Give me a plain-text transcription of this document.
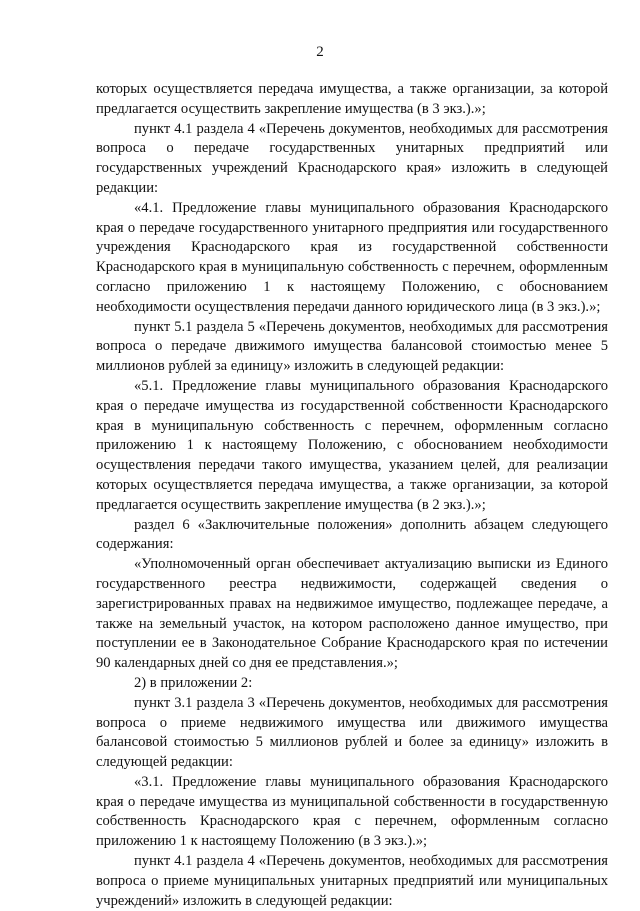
2

которых осуществляется передача имущества, а также организации, за которой предлагается осуществить закрепление имущества (в 3 экз.).»;

пункт 4.1 раздела 4 «Перечень документов, необходимых для рассмотрения вопроса о передаче государственных унитарных предприятий или государственных учреждений Краснодарского края» изложить в следующей редакции:

«4.1. Предложение главы муниципального образования Краснодарского края о передаче государственного унитарного предприятия или государственного учреждения Краснодарского края из государственной собственности Краснодарского края в муниципальную собственность с перечнем, оформленным согласно приложению 1 к настоящему Положению, с обоснованием необходимости осуществления передачи данного юридического лица (в 3 экз.).»;

пункт 5.1 раздела 5 «Перечень документов, необходимых для рассмотрения вопроса о передаче движимого имущества балансовой стоимостью менее 5 миллионов рублей за единицу» изложить в следующей редакции:

«5.1. Предложение главы муниципального образования Краснодарского края о передаче имущества из государственной собственности Краснодарского края в муниципальную собственность с перечнем, оформленным согласно приложению 1 к настоящему Положению, с обоснованием необходимости осуществления передачи такого имущества, указанием целей, для реализации которых осуществляется передача имущества, а также организации, за которой предлагается осуществить закрепление имущества (в 2 экз.).»;

раздел 6 «Заключительные положения» дополнить абзацем следующего содержания:

«Уполномоченный орган обеспечивает актуализацию выписки из Единого государственного реестра недвижимости, содержащей сведения о зарегистрированных правах на недвижимое имущество, подлежащее передаче, а также на земельный участок, на котором расположено данное имущество, при поступлении ее в Законодательное Собрание Краснодарского края по истечении 90 календарных дней со дня ее представления.»;

2) в приложении 2:

пункт 3.1 раздела 3 «Перечень документов, необходимых для рассмотрения вопроса о приеме недвижимого имущества или движимого имущества балансовой стоимостью 5 миллионов рублей и более за единицу» изложить в следующей редакции:

«3.1. Предложение главы муниципального образования Краснодарского края о передаче имущества из муниципальной собственности в государственную собственность Краснодарского края с перечнем, оформленным согласно приложению 1 к настоящему Положению (в 3 экз.).»;

пункт 4.1 раздела 4 «Перечень документов, необходимых для рассмотрения вопроса о приеме муниципальных унитарных предприятий или муниципальных учреждений» изложить в следующей редакции:
